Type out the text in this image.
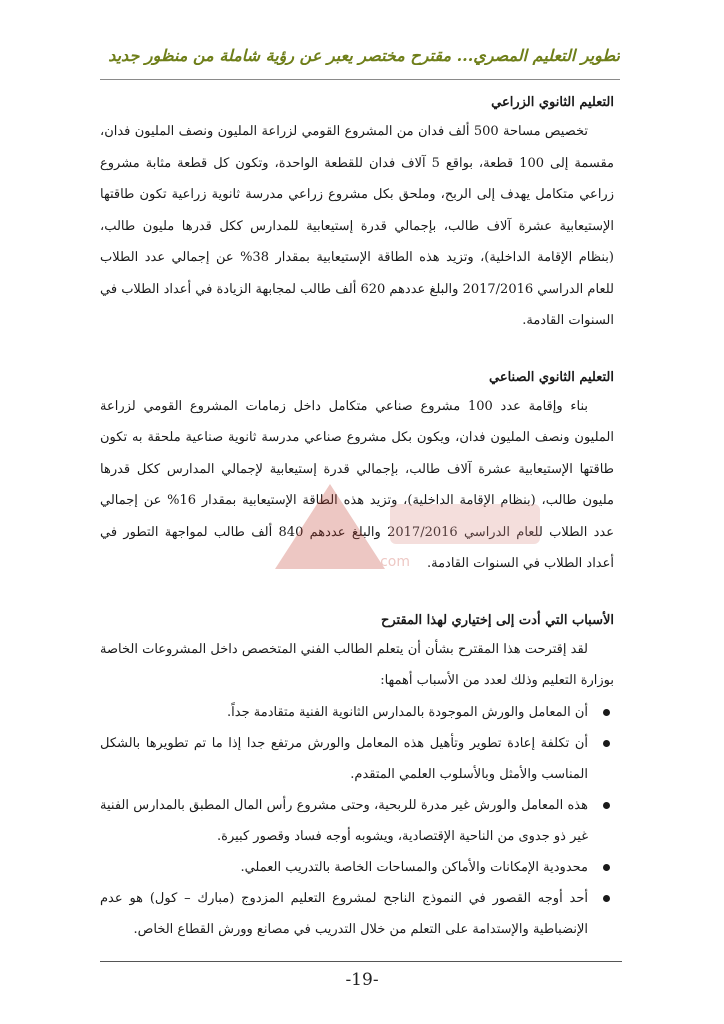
تطوير التعليم المصري... مقترح مختصر يعبر عن رؤية شاملة من منظور جديد
التعليم الثانوي الزراعي

تخصيص مساحة 500 ألف فدان من المشروع القومي لزراعة المليون ونصف المليون فدان، مقسمة إلى 100 قطعة، بواقع 5 آلاف فدان للقطعة الواحدة، وتكون كل قطعة مثابة مشروع زراعي متكامل يهدف إلى الربح، وملحق بكل مشروع زراعي مدرسة ثانوية زراعية تكون طاقتها الإستيعابية عشرة آلاف طالب، بإجمالي قدرة إستيعابية للمدارس ككل قدرها مليون طالب، (بنظام الإقامة الداخلية)، وتزيد هذه الطاقة الإستيعابية بمقدار 38% عن إجمالي عدد الطلاب للعام الدراسي 2017/2016 والبلغ عددهم 620 ألف طالب لمجابهة الزيادة في أعداد الطلاب في السنوات القادمة.

التعليم الثانوي الصناعي

بناء وإقامة عدد 100 مشروع صناعي متكامل داخل زمامات المشروع القومي لزراعة المليون ونصف المليون فدان، ويكون بكل مشروع صناعي مدرسة ثانوية صناعية ملحقة به تكون طاقتها الإستيعابية عشرة آلاف طالب، بإجمالي قدرة إستيعابية لإجمالي المدارس ككل قدرها مليون طالب، (بنظام الإقامة الداخلية)، وتزيد هذه الطاقة الإستيعابية بمقدار 16% عن إجمالي عدد الطلاب للعام الدراسي 2017/2016 والبلغ عددهم 840 ألف طالب لمواجهة التطور في أعداد الطلاب في السنوات القادمة.

الأسباب التي أدت إلى إختياري لهذا المقترح

لقد إقترحت هذا المقترح بشأن أن يتعلم الطالب الفني المتخصص داخل المشروعات الخاصة بوزارة التعليم وذلك لعدد من الأسباب أهمها:

أن المعامل والورش الموجودة بالمدارس الثانوية الفنية متقادمة جداً.
أن تكلفة إعادة تطوير وتأهيل هذه المعامل والورش مرتفع جدا إذا ما تم تطويرها بالشكل المناسب والأمثل وبالأسلوب العلمي المتقدم.
هذه المعامل والورش غير مدرة للربحية، وحتى مشروع رأس المال المطبق بالمدارس الفنية غير ذو جدوى من الناحية الإقتصادية، ويشوبه أوجه فساد وقصور كبيرة.
محدودية الإمكانات والأماكن والمساحات الخاصة بالتدريب العملي.
أحد أوجه القصور في النموذج الناجح لمشروع التعليم المزدوج (مبارك – كول) هو عدم الإنضباطية والإستدامة على التعلم من خلال التدريب في مصانع وورش القطاع الخاص.
www.egymoe.com
-19-
